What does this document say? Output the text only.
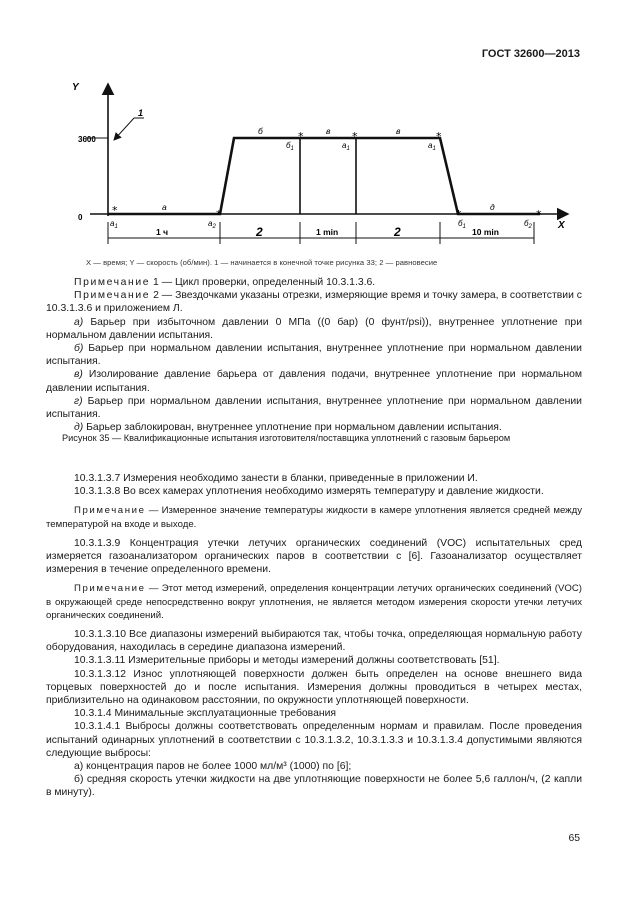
ГОСТ 32600—2013
Y
X
3600
0
1
*	*
*	*	*
*	*
а
б	в	в
д
$а_1$	$а_2$
$б_1$	$а_1$	$а_1$
$б_1$	$б_2$
1 ч	2	1 min	2	10 min
X — время; Y — скорость (об/мин). 1 — начинается в конечной точке рисунка 33; 2 — равновесие

Примечание 1 — Цикл проверки, определенный 10.3.1.3.6.

Примечание 2 — Звездочками указаны отрезки, измеряющие время и точку замера, в соответствии с 10.3.1.3.6 и приложением Л.

а) Барьер при избыточном давлении 0 МПа ((0 бар) (0 фунт/psi)), внутреннее уплотнение при нормальном давлении испытания.

б) Барьер при нормальном давлении испытания, внутреннее уплотнение при нормальном давлении испытания.

в) Изолирование давление барьера от давления подачи, внутреннее уплотнение при нормальном давлении испытания.

г) Барьер при нормальном давлении испытания, внутреннее уплотнение при нормальном давлении испытания.

д) Барьер заблокирован, внутреннее уплотнение при нормальном давлении испытания.

Рисунок 35 — Квалификационные испытания изготовителя/поставщика уплотнений с газовым барьером

10.3.1.3.7 Измерения необходимо занести в бланки, приведенные в приложении И.

10.3.1.3.8 Во всех камерах уплотнения необходимо измерять температуру и давление жидкости.

Примечание — Измеренное значение температуры жидкости в камере уплотнения является средней между температурой на входе и выходе.

10.3.1.3.9 Концентрация утечки летучих органических соединений (VOC) испытательных сред измеряется газоанализатором органических паров в соответствии с [6]. Газоанализатор осуществляет измерения в течение определенного времени.

Примечание — Этот метод измерений, определения концентрации летучих органических соединений (VOC) в окружающей среде непосредственно вокруг уплотнения, не является методом измерения скорости утечки летучих органических соединений.

10.3.1.3.10 Все диапазоны измерений выбираются так, чтобы точка, определяющая нормальную работу оборудования, находилась в середине диапазона измерений.

10.3.1.3.11 Измерительные приборы и методы измерений должны соответствовать [51].

10.3.1.3.12 Износ уплотняющей поверхности должен быть определен на основе внешнего вида торцевых поверхностей до и после испытания. Измерения должны проводиться в четырех местах, приблизительно на одинаковом расстоянии, по окружности уплотняющей поверхности.

10.3.1.4 Минимальные эксплуатационные требования

10.3.1.4.1 Выбросы должны соответствовать определенным нормам и правилам. После проведения испытаний одинарных уплотнений в соответствии с 10.3.1.3.2, 10.3.1.3.3 и 10.3.1.3.4 допустимыми являются следующие выбросы:

а) концентрация паров не более 1000 мл/м³ (1000) по [6];

б) средняя скорость утечки жидкости на две уплотняющие поверхности не более 5,6 галлон/ч, (2 капли в минуту).

65
